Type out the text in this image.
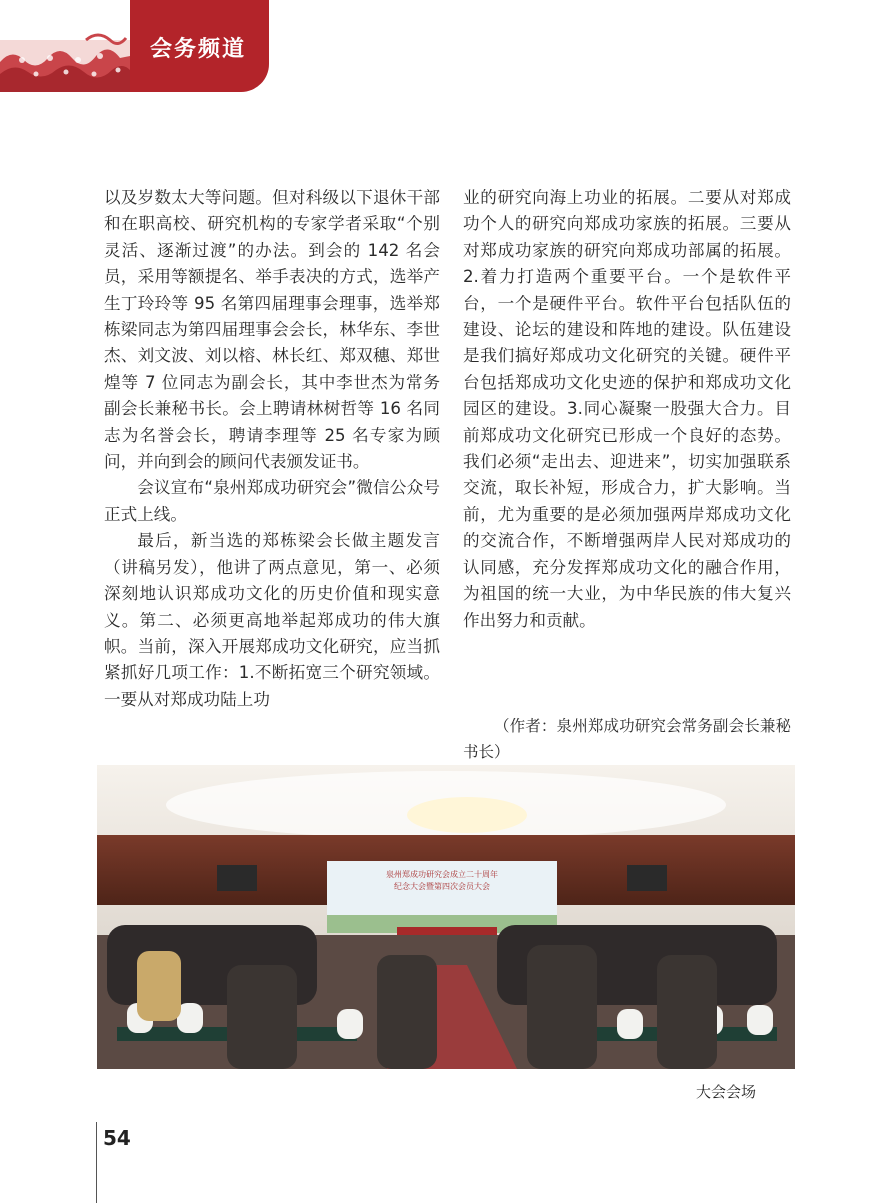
会务频道

以及岁数太大等问题。但对科级以下退休干部和在职高校、研究机构的专家学者采取“个别灵活、逐渐过渡”的办法。到会的 142 名会员，采用等额提名、举手表决的方式，选举产生丁玲玲等 95 名第四届理事会理事，选举郑栋梁同志为第四届理事会会长，林华东、李世杰、刘文波、刘以榕、林长红、郑双穗、郑世煌等 7 位同志为副会长，其中李世杰为常务副会长兼秘书长。会上聘请林树哲等 16 名同志为名誉会长，聘请李理等 25 名专家为顾问，并向到会的顾问代表颁发证书。

会议宣布“泉州郑成功研究会”微信公众号正式上线。

最后，新当选的郑栋梁会长做主题发言（讲稿另发），他讲了两点意见，第一、必须深刻地认识郑成功文化的历史价值和现实意义。第二、必须更高地举起郑成功的伟大旗帜。当前，深入开展郑成功文化研究，应当抓紧抓好几项工作：1.不断拓宽三个研究领域。一要从对郑成功陆上功

业的研究向海上功业的拓展。二要从对郑成功个人的研究向郑成功家族的拓展。三要从对郑成功家族的研究向郑成功部属的拓展。2.着力打造两个重要平台。一个是软件平台，一个是硬件平台。软件平台包括队伍的建设、论坛的建设和阵地的建设。队伍建设是我们搞好郑成功文化研究的关键。硬件平台包括郑成功文化史迹的保护和郑成功文化园区的建设。3.同心凝聚一股强大合力。目前郑成功文化研究已形成一个良好的态势。我们必须“走出去、迎进来”，切实加强联系交流，取长补短，形成合力，扩大影响。当前，尤为重要的是必须加强两岸郑成功文化的交流合作，不断增强两岸人民对郑成功的认同感，充分发挥郑成功文化的融合作用，为祖国的统一大业，为中华民族的伟大复兴作出努力和贡献。

（作者：泉州郑成功研究会常务副会长兼秘书长）
泉州郑成功研究会成立二十周年
纪念大会暨第四次会员大会
大会会场
54
